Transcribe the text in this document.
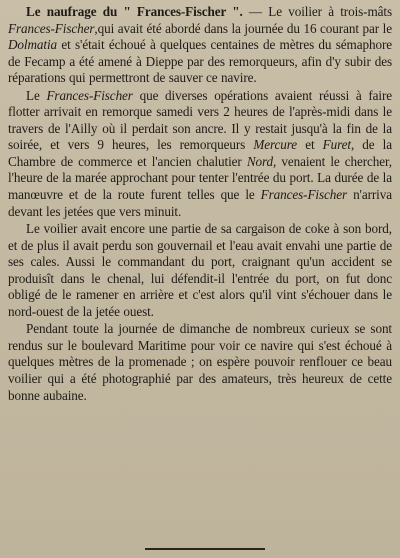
Le naufrage du " Frances-Fischer ". — Le voilier à trois-mâts Frances-Fischer,qui avait été abordé dans la journée du 16 courant par le Dolmatia et s'était échoué à quelques centaines de mètres du sémaphore de Fecamp a été amené à Dieppe par des remorqueurs, afin d'y subir des réparations qui permettront de sauver ce navire.

Le Frances-Fischer que diverses opérations avaient réussi à faire flotter arrivait en remorque samedi vers 2 heures de l'après-midi dans le travers de l'Ailly où il perdait son ancre. Il y restait jusqu'à la fin de la soirée, et vers 9 heures, les remorqueurs Mercure et Furet, de la Chambre de commerce et l'ancien chalutier Nord, venaient le chercher, l'heure de la marée approchant pour tenter l'entrée du port. La durée de la manœuvre et de la route furent telles que le Frances-Fischer n'arriva devant les jetées que vers minuit.

Le voilier avait encore une partie de sa cargaison de coke à son bord, et de plus il avait perdu son gouvernail et l'eau avait envahi une partie de ses cales. Aussi le commandant du port, craignant qu'un accident se produisît dans le chenal, lui défendit-il l'entrée du port, on fut donc obligé de le ramener en arrière et c'est alors qu'il vint s'échouer dans le nord-ouest de la jetée ouest.

Pendant toute la journée de dimanche de nombreux curieux se sont rendus sur le boulevard Maritime pour voir ce navire qui s'est échoué à quelques mètres de la promenade ; on espère pouvoir renflouer ce beau voilier qui a été photographié par des amateurs, très heureux de cette bonne aubaine.
